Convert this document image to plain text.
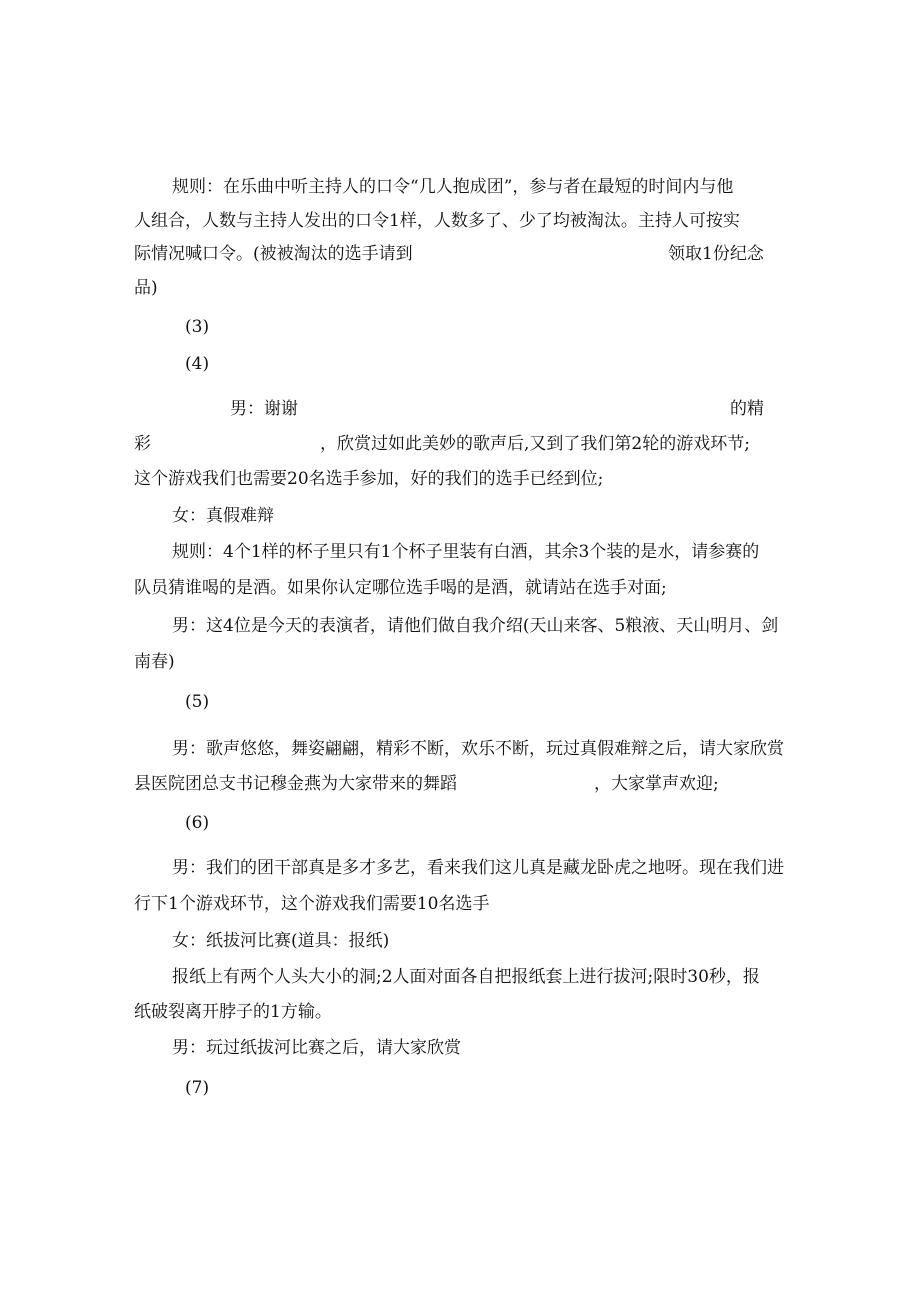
规则：在乐曲中听主持人的口令“几人抱成团”，参与者在最短的时间内与他
人组合，人数与主持人发出的口令1样，人数多了、少了均被淘汰。主持人可按实
际情况喊口令。(被被淘汰的选手请到	领取1份纪念
品)
(3)
(4)
男：谢谢	的精
彩	，欣赏过如此美妙的歌声后,又到了我们第2轮的游戏环节;
这个游戏我们也需要20名选手参加，好的我们的选手已经到位;
女：真假难辩
规则：4个1样的杯子里只有1个杯子里装有白酒，其余3个装的是水，请参赛的
队员猜谁喝的是酒。如果你认定哪位选手喝的是酒，就请站在选手对面;
男：这4位是今天的表演者，请他们做自我介绍(天山来客、5粮液、天山明月、剑
南春)
(5)
男：歌声悠悠，舞姿翩翩，精彩不断，欢乐不断，玩过真假难辩之后，请大家欣赏
县医院团总支书记穆金燕为大家带来的舞蹈	，大家掌声欢迎;
(6)
男：我们的团干部真是多才多艺，看来我们这儿真是藏龙卧虎之地呀。现在我们进
行下1个游戏环节，这个游戏我们需要10名选手
女：纸拔河比赛(道具：报纸)
报纸上有两个人头大小的洞;2人面对面各自把报纸套上进行拔河;限时30秒，报
纸破裂离开脖子的1方输。
男：玩过纸拔河比赛之后，请大家欣赏
(7)
